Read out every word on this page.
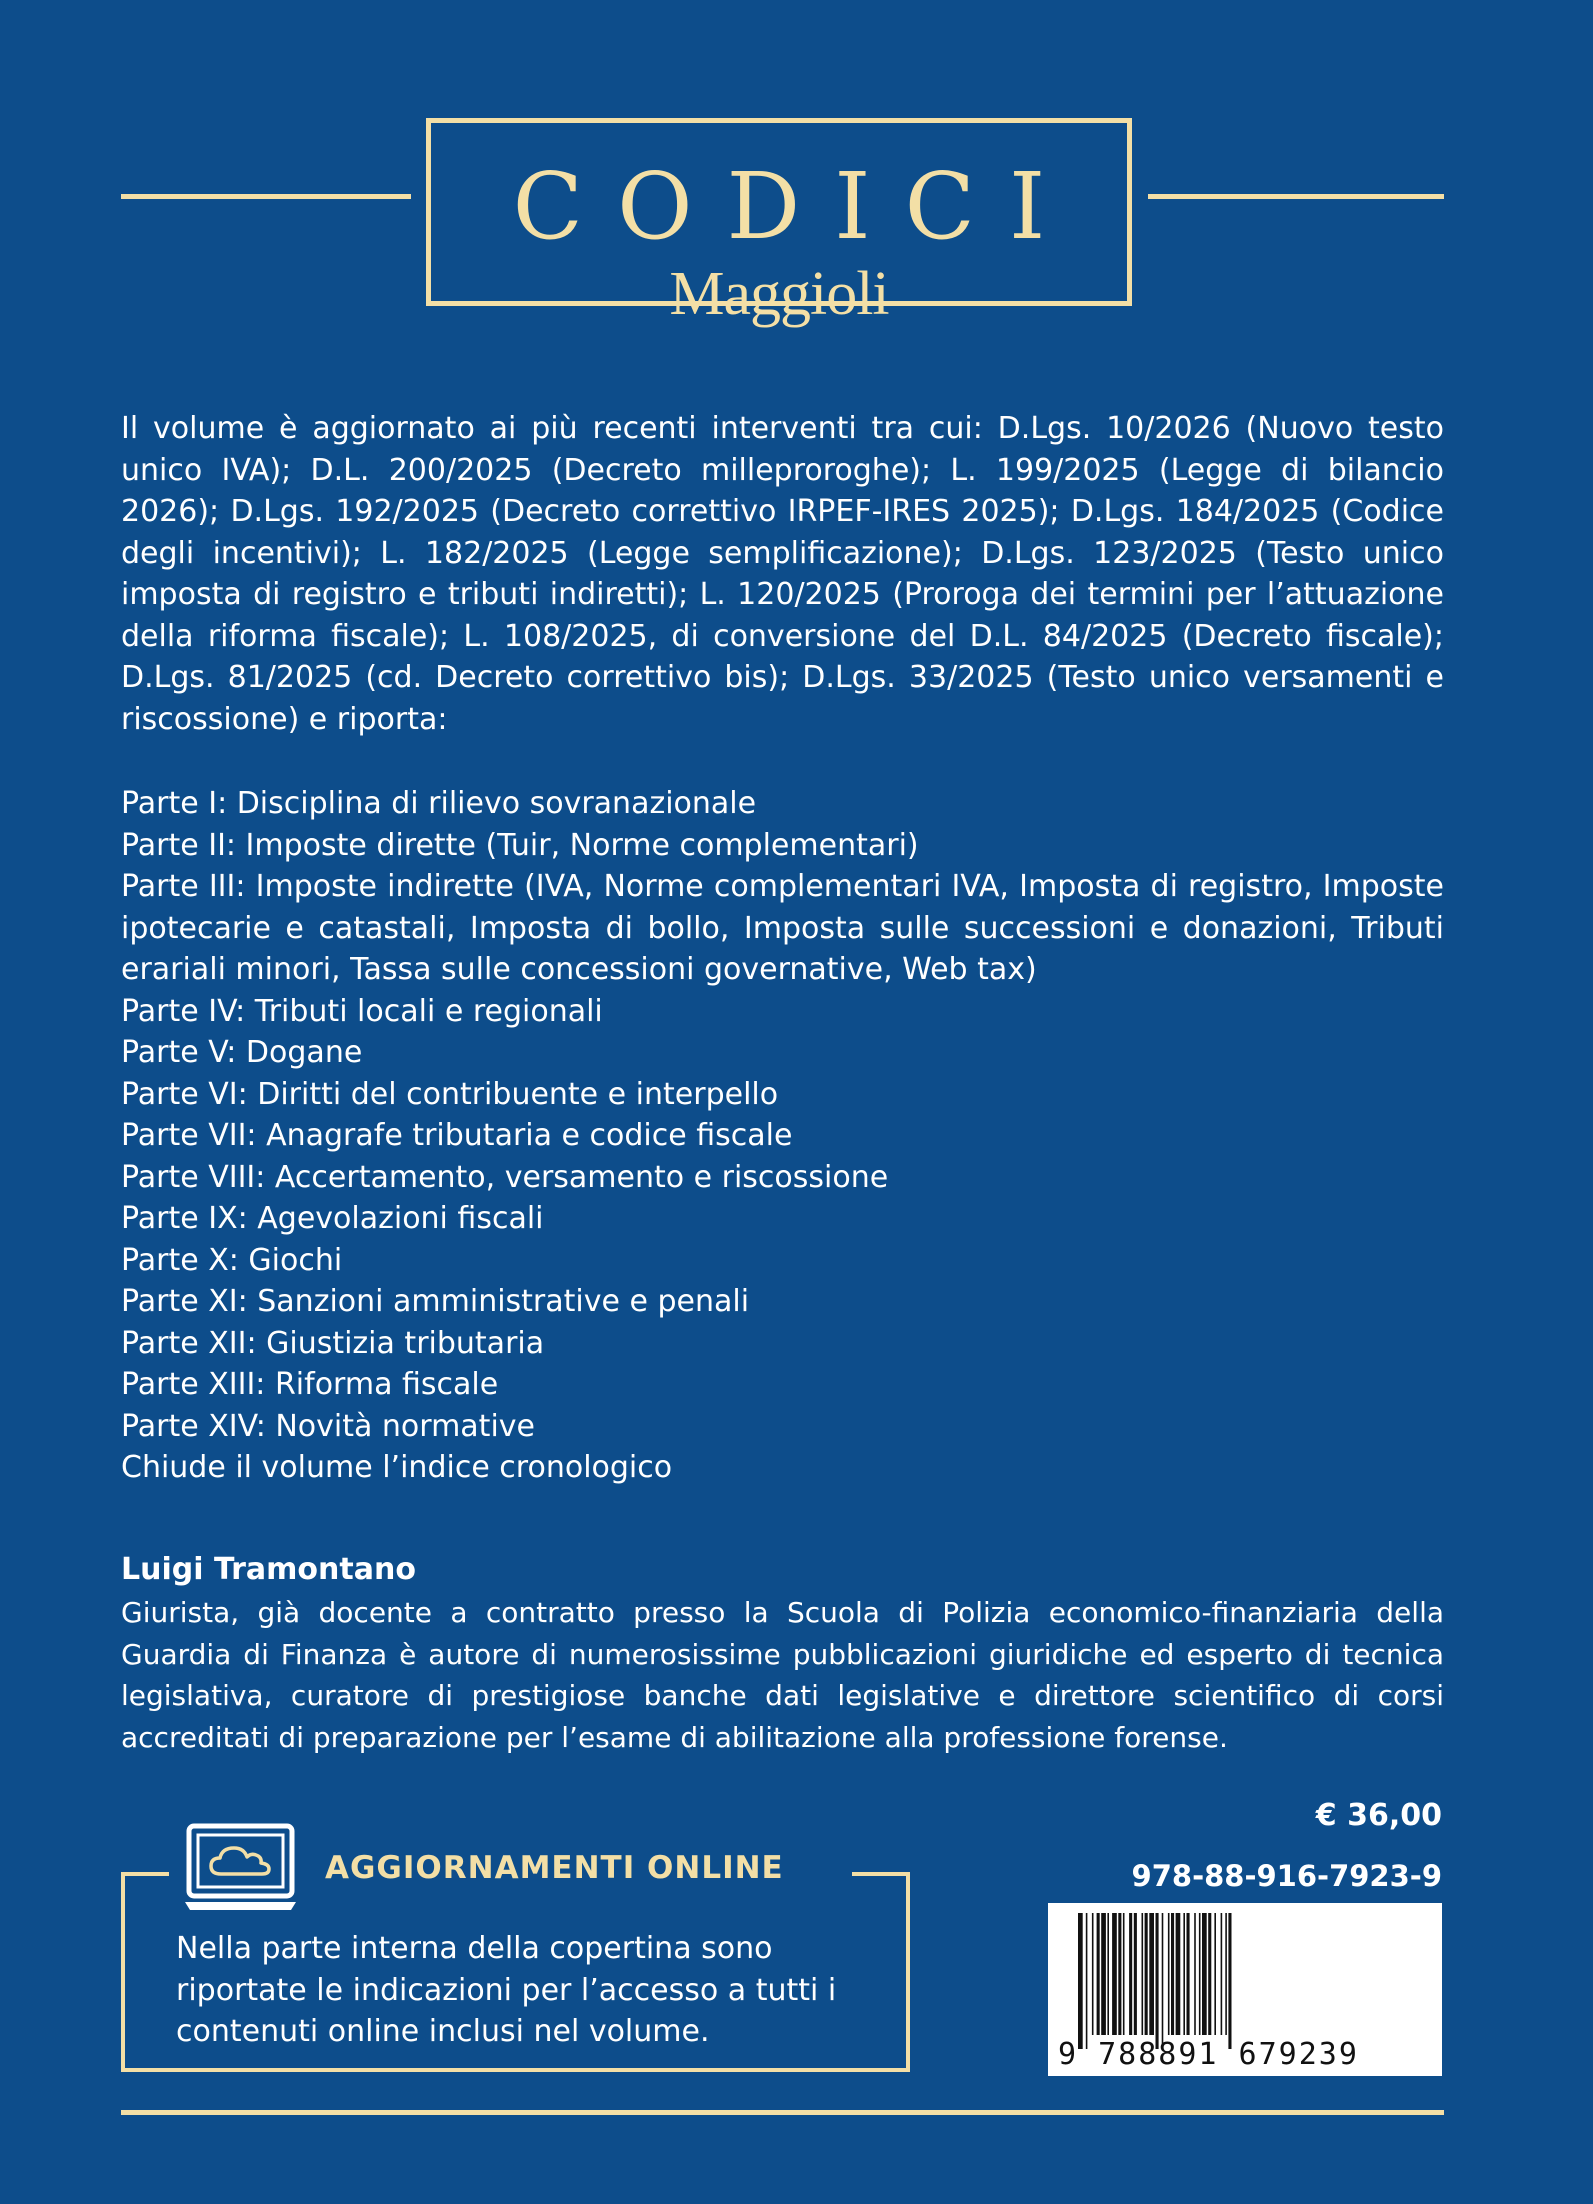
CODICI
Maggioli

Il volume è aggiornato ai più recenti interventi tra cui: D.Lgs. 10/2026 (Nuovo testo unico IVA); D.L. 200/2025 (Decreto milleproroghe); L. 199/2025 (Legge di bilancio 2026); D.Lgs. 192/2025 (Decreto correttivo IRPEF-IRES 2025); D.Lgs. 184/2025 (Codice degli incentivi); L. 182/2025 (Legge semplificazione); D.Lgs. 123/2025 (Testo unico imposta di registro e tributi indiretti); L. 120/2025 (Proroga dei termini per l’attuazione della riforma fiscale); L. 108/2025, di conversione del D.L. 84/2025 (Decreto fiscale); D.Lgs. 81/2025 (cd. Decreto correttivo bis); D.Lgs. 33/2025 (Testo unico versamenti e riscossione) e riporta:

Parte I: Disciplina di rilievo sovranazionale
Parte II: Imposte dirette (Tuir, Norme complementari)
Parte III: Imposte indirette (IVA, Norme complementari IVA, Imposta di registro, Imposte ipotecarie e catastali, Imposta di bollo, Imposta sulle successioni e donazioni, Tributi erariali minori, Tassa sulle concessioni governative, Web tax)
Parte IV: Tributi locali e regionali
Parte V: Dogane
Parte VI: Diritti del contribuente e interpello
Parte VII: Anagrafe tributaria e codice fiscale
Parte VIII: Accertamento, versamento e riscossione
Parte IX: Agevolazioni fiscali
Parte X: Giochi
Parte XI: Sanzioni amministrative e penali
Parte XII: Giustizia tributaria
Parte XIII: Riforma fiscale
Parte XIV: Novità normative
Chiude il volume l’indice cronologico
Luigi Tramontano
Giurista, già docente a contratto presso la Scuola di Polizia economico-finanziaria della Guardia di Finanza è autore di numerosissime pubblicazioni giuridiche ed esperto di tecnica legislativa, curatore di prestigiose banche dati legislative e direttore scientifico di corsi accreditati di preparazione per l’esame di abilitazione alla professione forense.
AGGIORNAMENTI ONLINE
Nella parte interna della copertina sono riportate le indicazioni per l’accesso a tutti i contenuti online inclusi nel volume.
€ 36,00
978-88-916-7923-9
9 788891 679239
